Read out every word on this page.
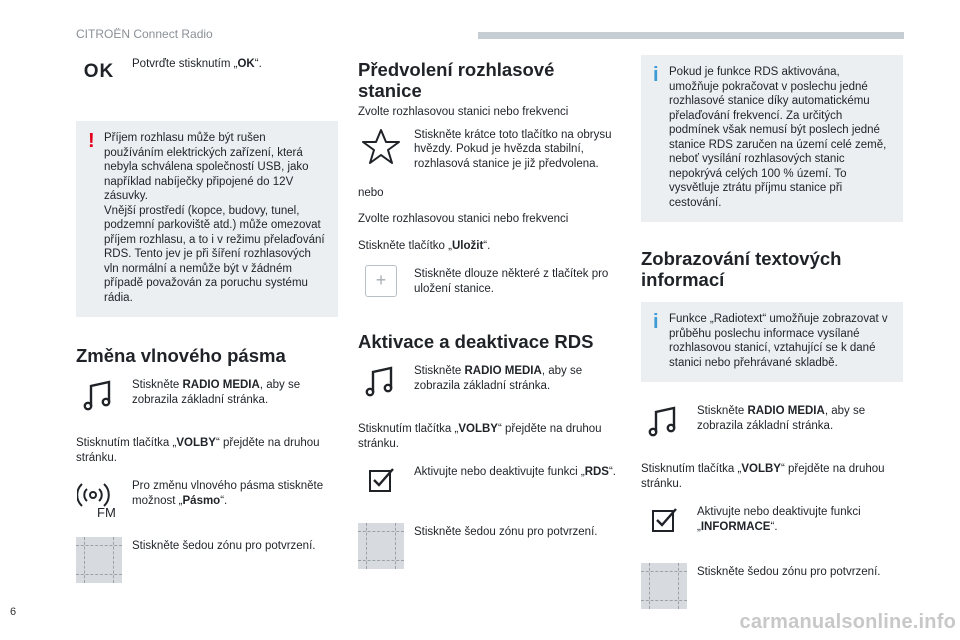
CITROËN Connect Radio
OK	Potvrďte stisknutím „OK“.
! Příjem rozhlasu může být rušen používáním elektrických zařízení, která nebyla schválena společností USB, jako například nabíječky připojené do 12V zásuvky.
Vnější prostředí (kopce, budovy, tunel, podzemní parkoviště atd.) může omezovat příjem rozhlasu, a to i v režimu přelaďování RDS. Tento jev je při šíření rozhlasových vln normální a nemůže být v žádném případě považován za poruchu systému rádia.
Změna vlnového pásma
Stiskněte RADIO MEDIA, aby se zobrazila základní stránka.

Stisknutím tlačítka „VOLBY“ přejděte na druhou stránku.

FM
Pro změnu vlnového pásma stiskněte možnost „Pásmo“.
Stiskněte šedou zónu pro potvrzení.
Předvolení rozhlasové stanice

Zvolte rozhlasovou stanici nebo frekvenci

Stiskněte krátce toto tlačítko na obrysu hvězdy. Pokud je hvězda stabilní, rozhlasová stanice je již předvolena.

nebo

Zvolte rozhlasovou stanici nebo frekvenci

Stiskněte tlačítko „Uložit“.

+	Stiskněte dlouze některé z tlačítek pro uložení stanice.
Aktivace a deaktivace RDS
Stiskněte RADIO MEDIA, aby se zobrazila základní stránka.

Stisknutím tlačítka „VOLBY“ přejděte na druhou stránku.

Aktivujte nebo deaktivujte funkci „RDS“.
Stiskněte šedou zónu pro potvrzení.
i Pokud je funkce RDS aktivována, umožňuje pokračovat v poslechu jedné rozhlasové stanice díky automatickému přelaďování frekvencí. Za určitých podmínek však nemusí být poslech jedné stanice RDS zaručen na území celé země, neboť vysílání rozhlasových stanic nepokrývá celých 100 % území. To vysvětluje ztrátu příjmu stanice při cestování.
Zobrazování textových informací
i Funkce „Radiotext“ umožňuje zobrazovat v průběhu poslechu informace vysílané rozhlasovou stanicí, vztahující se k dané stanici nebo přehrávané skladbě.
Stiskněte RADIO MEDIA, aby se zobrazila základní stránka.

Stisknutím tlačítka „VOLBY“ přejděte na druhou stránku.

Aktivujte nebo deaktivujte funkci „INFORMACE“.
Stiskněte šedou zónu pro potvrzení.
6	carmanualsonline.info
